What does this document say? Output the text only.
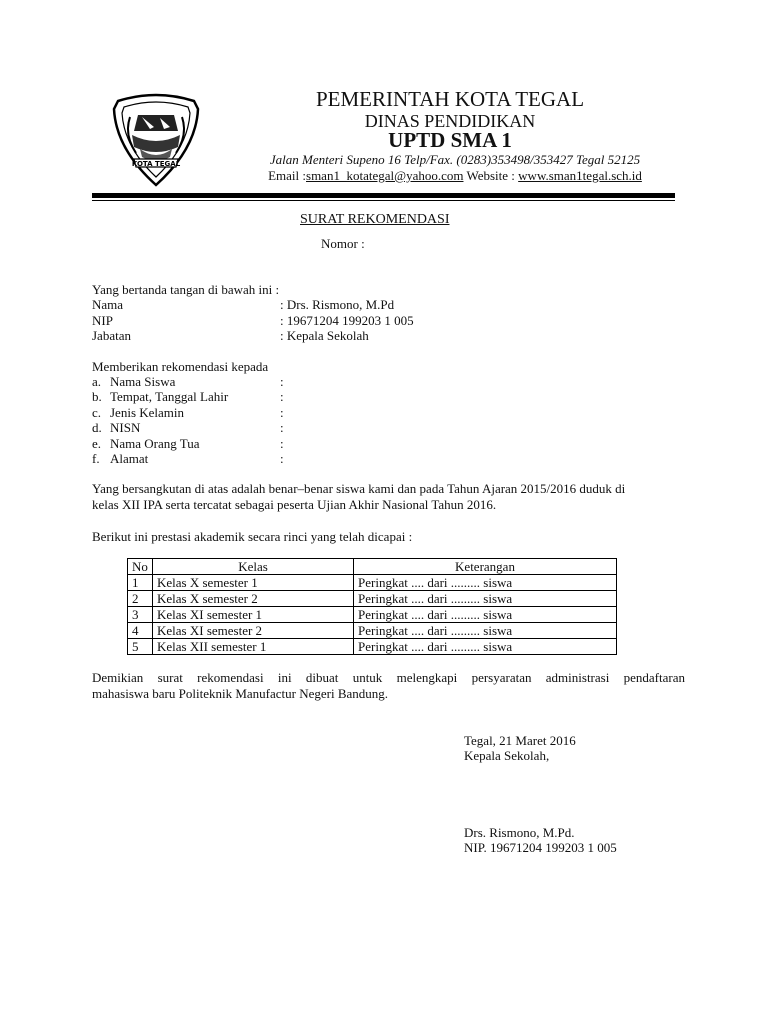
KOTA TEGAL
PEMERINTAH KOTA TEGAL
DINAS PENDIDIKAN
UPTD SMA 1
Jalan Menteri Supeno 16 Telp/Fax. (0283)353498/353427 Tegal 52125
Email :sman1_kotategal@yahoo.com Website : www.sman1tegal.sch.id
SURAT REKOMENDASI
Nomor :
Yang bertanda tangan di bawah ini :
Nama	: Drs. Rismono, M.Pd
NIP	: 19671204 199203 1 005
Jabatan	: Kepala Sekolah
Memberikan rekomendasi kepada
a. Nama Siswa	:
b. Tempat, Tanggal Lahir	:
c. Jenis Kelamin	:
d. NISN	:
e. Nama Orang Tua	:
f. Alamat	:
Yang bersangkutan di atas adalah benar–benar siswa kami dan pada Tahun Ajaran 2015/2016 duduk di
kelas XII IPA serta tercatat sebagai peserta Ujian Akhir Nasional Tahun 2016.
Berikut ini prestasi akademik secara rinci yang telah dicapai :
No	Kelas	Keterangan
1	Kelas X semester 1	Peringkat .... dari ......... siswa
2	Kelas X semester 2	Peringkat .... dari ......... siswa
3	Kelas XI semester 1	Peringkat .... dari ......... siswa
4	Kelas XI semester 2	Peringkat .... dari ......... siswa
5	Kelas XII semester 1	Peringkat .... dari ......... siswa
Demikian surat rekomendasi ini dibuat untuk melengkapi persyaratan administrasi pendaftaran
mahasiswa baru Politeknik Manufactur Negeri Bandung.
Tegal, 21 Maret 2016
Kepala Sekolah,
Drs. Rismono, M.Pd.
NIP. 19671204 199203 1 005
